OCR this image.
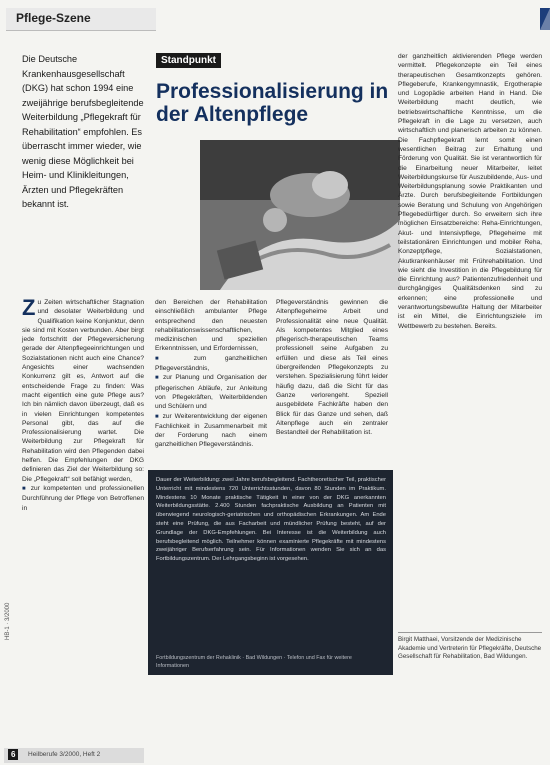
Pflege-Szene
Die Deutsche Krankenhausgesellschaft (DKG) hat schon 1994 eine zweijährige berufsbegleitende Weiterbildung „Pflegekraft für Rehabilitation“ empfohlen. Es überrascht immer wieder, wie wenig diese Möglichkeit bei Heim- und Klinikleitungen, Ärzten und Pflegekräften bekannt ist.
Standpunkt
Professionalisierung in der Altenpflege
Z u Zeiten wirtschaftlicher Stagnation und desolater Weiterbildung und Qualifikation keine Konjunktur, denn sie sind mit Kosten verbunden. Aber birgt jede fortschritt der Pflegeversicherung gerade der Altenpflegeeinrichtungen und Sozialstationen nicht auch eine Chance? Angesichts einer wachsenden Konkurrenz gilt es, Antwort auf die entscheidende Frage zu finden: Was macht eigentlich eine gute Pflege aus? Ich bin nämlich davon überzeugt, daß es in vielen Einrichtungen kompetentes Personal gibt, das auf die Professionalisierung wartet. Die Weiterbildung zur Pflegekraft für Rehabilitation wird den Pflegenden dabei helfen. Die Empfehlungen der DKG definieren das Ziel der Weiterbildung so: Die „Pflegekraft“ soll befähigt werden,
■ zur kompetenten und professionellen Durchführung der Pflege von Betroffenen in
den Bereichen der Rehabilitation einschließlich ambulanter Pflege entsprechend den neuesten rehabilitationswissenschaftlichen, medizinischen und speziellen Erkenntnissen, und Erfordernissen,
■ zum ganzheitlichen Pflegeverständnis,
■ zur Planung und Organisation der pflegerischen Abläufe, zur Anleitung von Pflegekräften, Weiterbildenden und Schülern und
■ zur Weiterentwicklung der eigenen Fachlichkeit in Zusammenarbeit mit der Forderung nach einem ganzheitlichen Pflegeverständnis.
Pflegeverständnis gewinnen die Altenpflegeheime Arbeit und Professionalität eine neue Qualität. Als kompetentes Mitglied eines pflegerisch-therapeutischen Teams professionell seine Aufgaben zu erfüllen und diese als Teil eines übergreifenden Pflegekonzepts zu verstehen. Spezialisierung führt leider häufig dazu, daß die Sicht für das Ganze verlorengeht. Speziell ausgebildete Fachkräfte haben den Blick für das Ganze und sehen, daß Altenpflege auch ein zentraler Bestandteil der Rehabilitation ist.
der ganzheitlich aktivierenden Pflege werden vermittelt. Pflegekonzepte ein Teil eines therapeutischen Gesamtkonzepts gehören. Pflegeberufe, Krankengymnastik, Ergotherapie und Logopädie arbeiten Hand in Hand. Die Weiterbildung macht deutlich, wie betriebswirtschaftliche Kenntnisse, um die Pflegekraft in die Lage zu versetzen, auch wirtschaftlich und planerisch arbeiten zu können. Die Fachpflegekraft lernt somit einen wesentlichen Beitrag zur Erhaltung und Förderung von Qualität. Sie ist verantwortlich für die Einarbeitung neuer Mitarbeiter, leitet Weiterbildungskurse für Auszubildende, Aus- und Weiterbildungsplanung sowie Praktikanten und Ärzte. Durch berufsbegleitende Fortbildungen sowie Beratung und Schulung von Angehörigen Pflegebedürftiger durch. So erweitern sich ihre möglichen Einsatzbereiche: Reha-Einrichtungen, Akut- und Intensivpflege, Pflegeheime mit teilstationären Einrichtungen und mobiler Reha, Konzeptpflege, Sozialstationen, Akutkrankenhäuser mit Frührehabilitation. Und wie sieht die Investition in die Pflegebildung für die Einrichtung aus? Patientenzufriedenheit und durchgängiges Qualitätsdenken sind zu erkennen; eine professionelle und verantwortungsbewußte Haltung der Mitarbeiter ist ein Mittel, die Einrichtungsziele im Wettbewerb zu bestehen. Bereits.
Dauer der Weiterbildung: zwei Jahre berufsbegleitend. Fachtheoretischer Teil, praktischer Unterricht mit mindestens 720 Unterrichtsstunden, davon 80 Stunden im Praktikum. Mindestens 10 Monate praktische Tätigkeit in einer von der DKG anerkannten Weiterbildungsstätte. 2.400 Stunden fachpraktische Ausbildung an Patienten mit überwiegend neurologisch-geriatrischen und orthopädischen Erkrankungen. Am Ende steht eine Prüfung, die aus Facharbeit und mündlicher Prüfung besteht, auf der Grundlage der DKG-Empfehlungen. Bei Interesse ist die Weiterbildung auch berufsbegleitend möglich. Teilnehmer können examinierte Pflegekräfte mit mindestens zweijähriger Berufserfahrung sein. Für Informationen wenden Sie sich an das Fortbildungszentrum. Der Lehrgangsbeginn ist vorgesehen.
Fortbildungszentrum der Rehaklinik · Bad Wildungen · Telefon und Fax für weitere Informationen
Birgit Matthaei, Vorsitzende der Medizinische Akademie und Vertreterin für Pflegekräfte, Deutsche Gesellschaft für Rehabilitation, Bad Wildungen.
HB-1 · 3/2000
6	Heilberufe 3/2000, Heft 2
